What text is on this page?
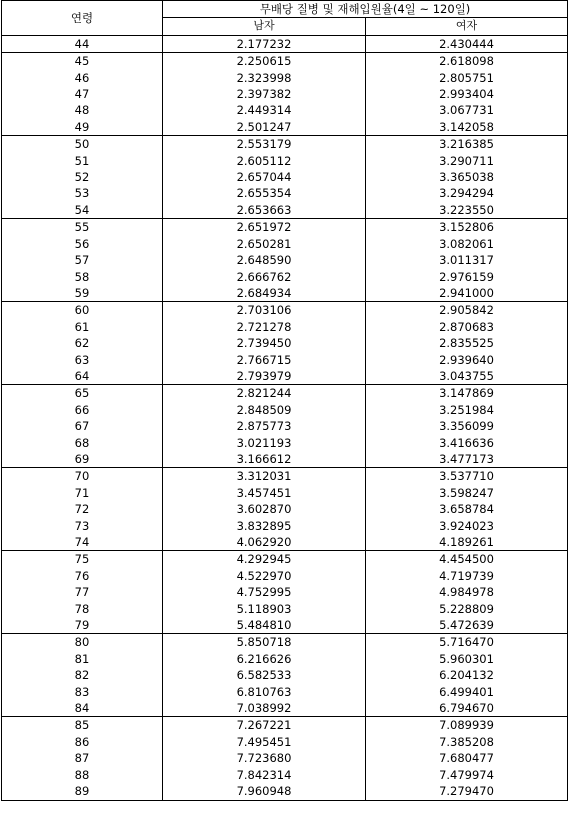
연령	무배당 질병 및 재해입원율(4일 ~ 120일)	
	남자	여자
44	2.177232	2.430444
45	2.250615	2.618098
46	2.323998	2.805751
47	2.397382	2.993404
48	2.449314	3.067731
49	2.501247	3.142058
50	2.553179	3.216385
51	2.605112	3.290711
52	2.657044	3.365038
53	2.655354	3.294294
54	2.653663	3.223550
55	2.651972	3.152806
56	2.650281	3.082061
57	2.648590	3.011317
58	2.666762	2.976159
59	2.684934	2.941000
60	2.703106	2.905842
61	2.721278	2.870683
62	2.739450	2.835525
63	2.766715	2.939640
64	2.793979	3.043755
65	2.821244	3.147869
66	2.848509	3.251984
67	2.875773	3.356099
68	3.021193	3.416636
69	3.166612	3.477173
70	3.312031	3.537710
71	3.457451	3.598247
72	3.602870	3.658784
73	3.832895	3.924023
74	4.062920	4.189261
75	4.292945	4.454500
76	4.522970	4.719739
77	4.752995	4.984978
78	5.118903	5.228809
79	5.484810	5.472639
80	5.850718	5.716470
81	6.216626	5.960301
82	6.582533	6.204132
83	6.810763	6.499401
84	7.038992	6.794670
85	7.267221	7.089939
86	7.495451	7.385208
87	7.723680	7.680477
88	7.842314	7.479974
89	7.960948	7.279470
